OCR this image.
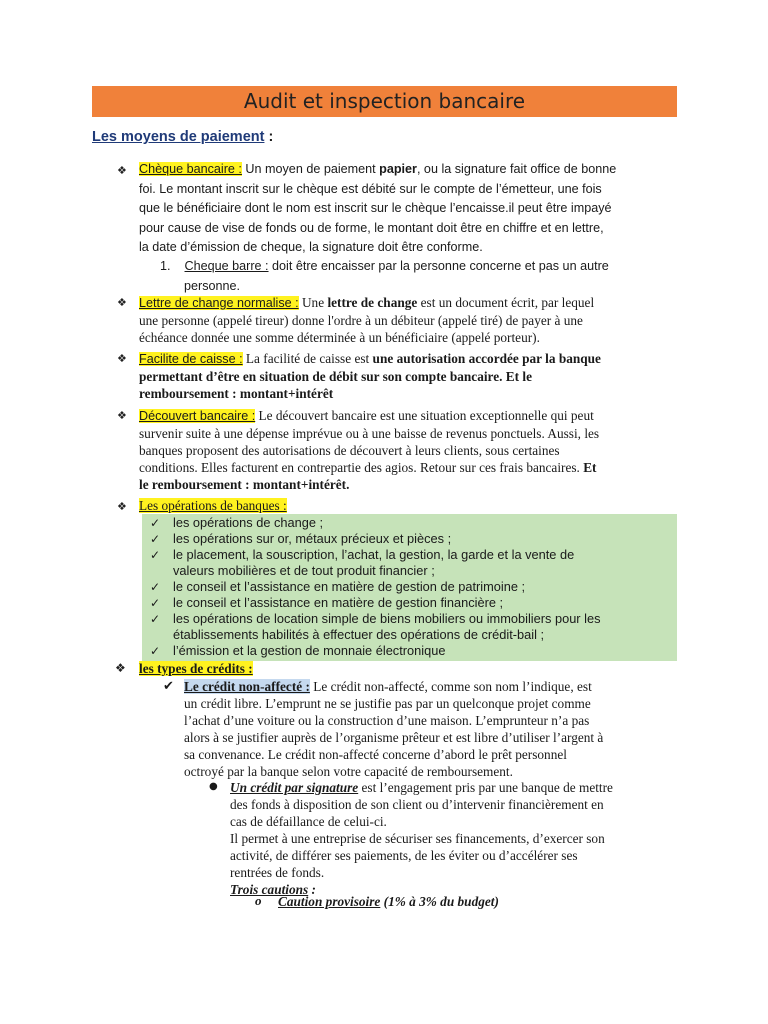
Audit et inspection bancaire
Les moyens de paiement :
❖ Chèque bancaire : Un moyen de paiement papier, ou la signature fait office de bonne
foi. Le montant inscrit sur le chèque est débité sur le compte de l’émetteur, une fois
que le bénéficiaire dont le nom est inscrit sur le chèque l’encaisse.il peut être impayé
pour cause de vise de fonds ou de forme, le montant doit être en chiffre et en lettre,
la date d’émission de cheque, la signature doit être conforme.
1. Cheque barre : doit être encaisser par la personne concerne et pas un autre
personne.
❖ Lettre de change normalise : Une lettre de change est un document écrit, par lequel
une personne (appelé tireur) donne l'ordre à un débiteur (appelé tiré) de payer à une
échéance donnée une somme déterminée à un bénéficiaire (appelé porteur).
❖ Facilite de caisse : La facilité de caisse est une autorisation accordée par la banque
permettant d’être en situation de débit sur son compte bancaire. Et le
remboursement : montant+intérêt
❖ Découvert bancaire : Le découvert bancaire est une situation exceptionnelle qui peut
survenir suite à une dépense imprévue ou à une baisse de revenus ponctuels. Aussi, les
banques proposent des autorisations de découvert à leurs clients, sous certaines
conditions. Elles facturent en contrepartie des agios. Retour sur ces frais bancaires. Et
le remboursement : montant+intérêt.
❖ Les opérations de banques :
✓ les opérations de change ;
✓ les opérations sur or, métaux précieux et pièces ;
✓ le placement, la souscription, l’achat, la gestion, la garde et la vente de
valeurs mobilières et de tout produit financier ;
✓ le conseil et l’assistance en matière de gestion de patrimoine ;
✓ le conseil et l’assistance en matière de gestion financière ;
✓ les opérations de location simple de biens mobiliers ou immobiliers pour les
établissements habilités à effectuer des opérations de crédit-bail ;
✓ l’émission et la gestion de monnaie électronique
❖ les types de crédits :
✔ Le crédit non-affecté : Le crédit non-affecté, comme son nom l’indique, est
un crédit libre. L’emprunt ne se justifie pas par un quelconque projet comme
l’achat d’une voiture ou la construction d’une maison. L’emprunteur n’a pas
alors à se justifier auprès de l’organisme prêteur et est libre d’utiliser l’argent à
sa convenance. Le crédit non-affecté concerne d’abord le prêt personnel
octroyé par la banque selon votre capacité de remboursement.
● Un crédit par signature est l’engagement pris par une banque de mettre
des fonds à disposition de son client ou d’intervenir financièrement en
cas de défaillance de celui-ci.
Il permet à une entreprise de sécuriser ses financements, d’exercer son
activité, de différer ses paiements, de les éviter ou d’accélérer ses
rentrées de fonds.
Trois cautions :
o Caution provisoire (1% à 3% du budget)
